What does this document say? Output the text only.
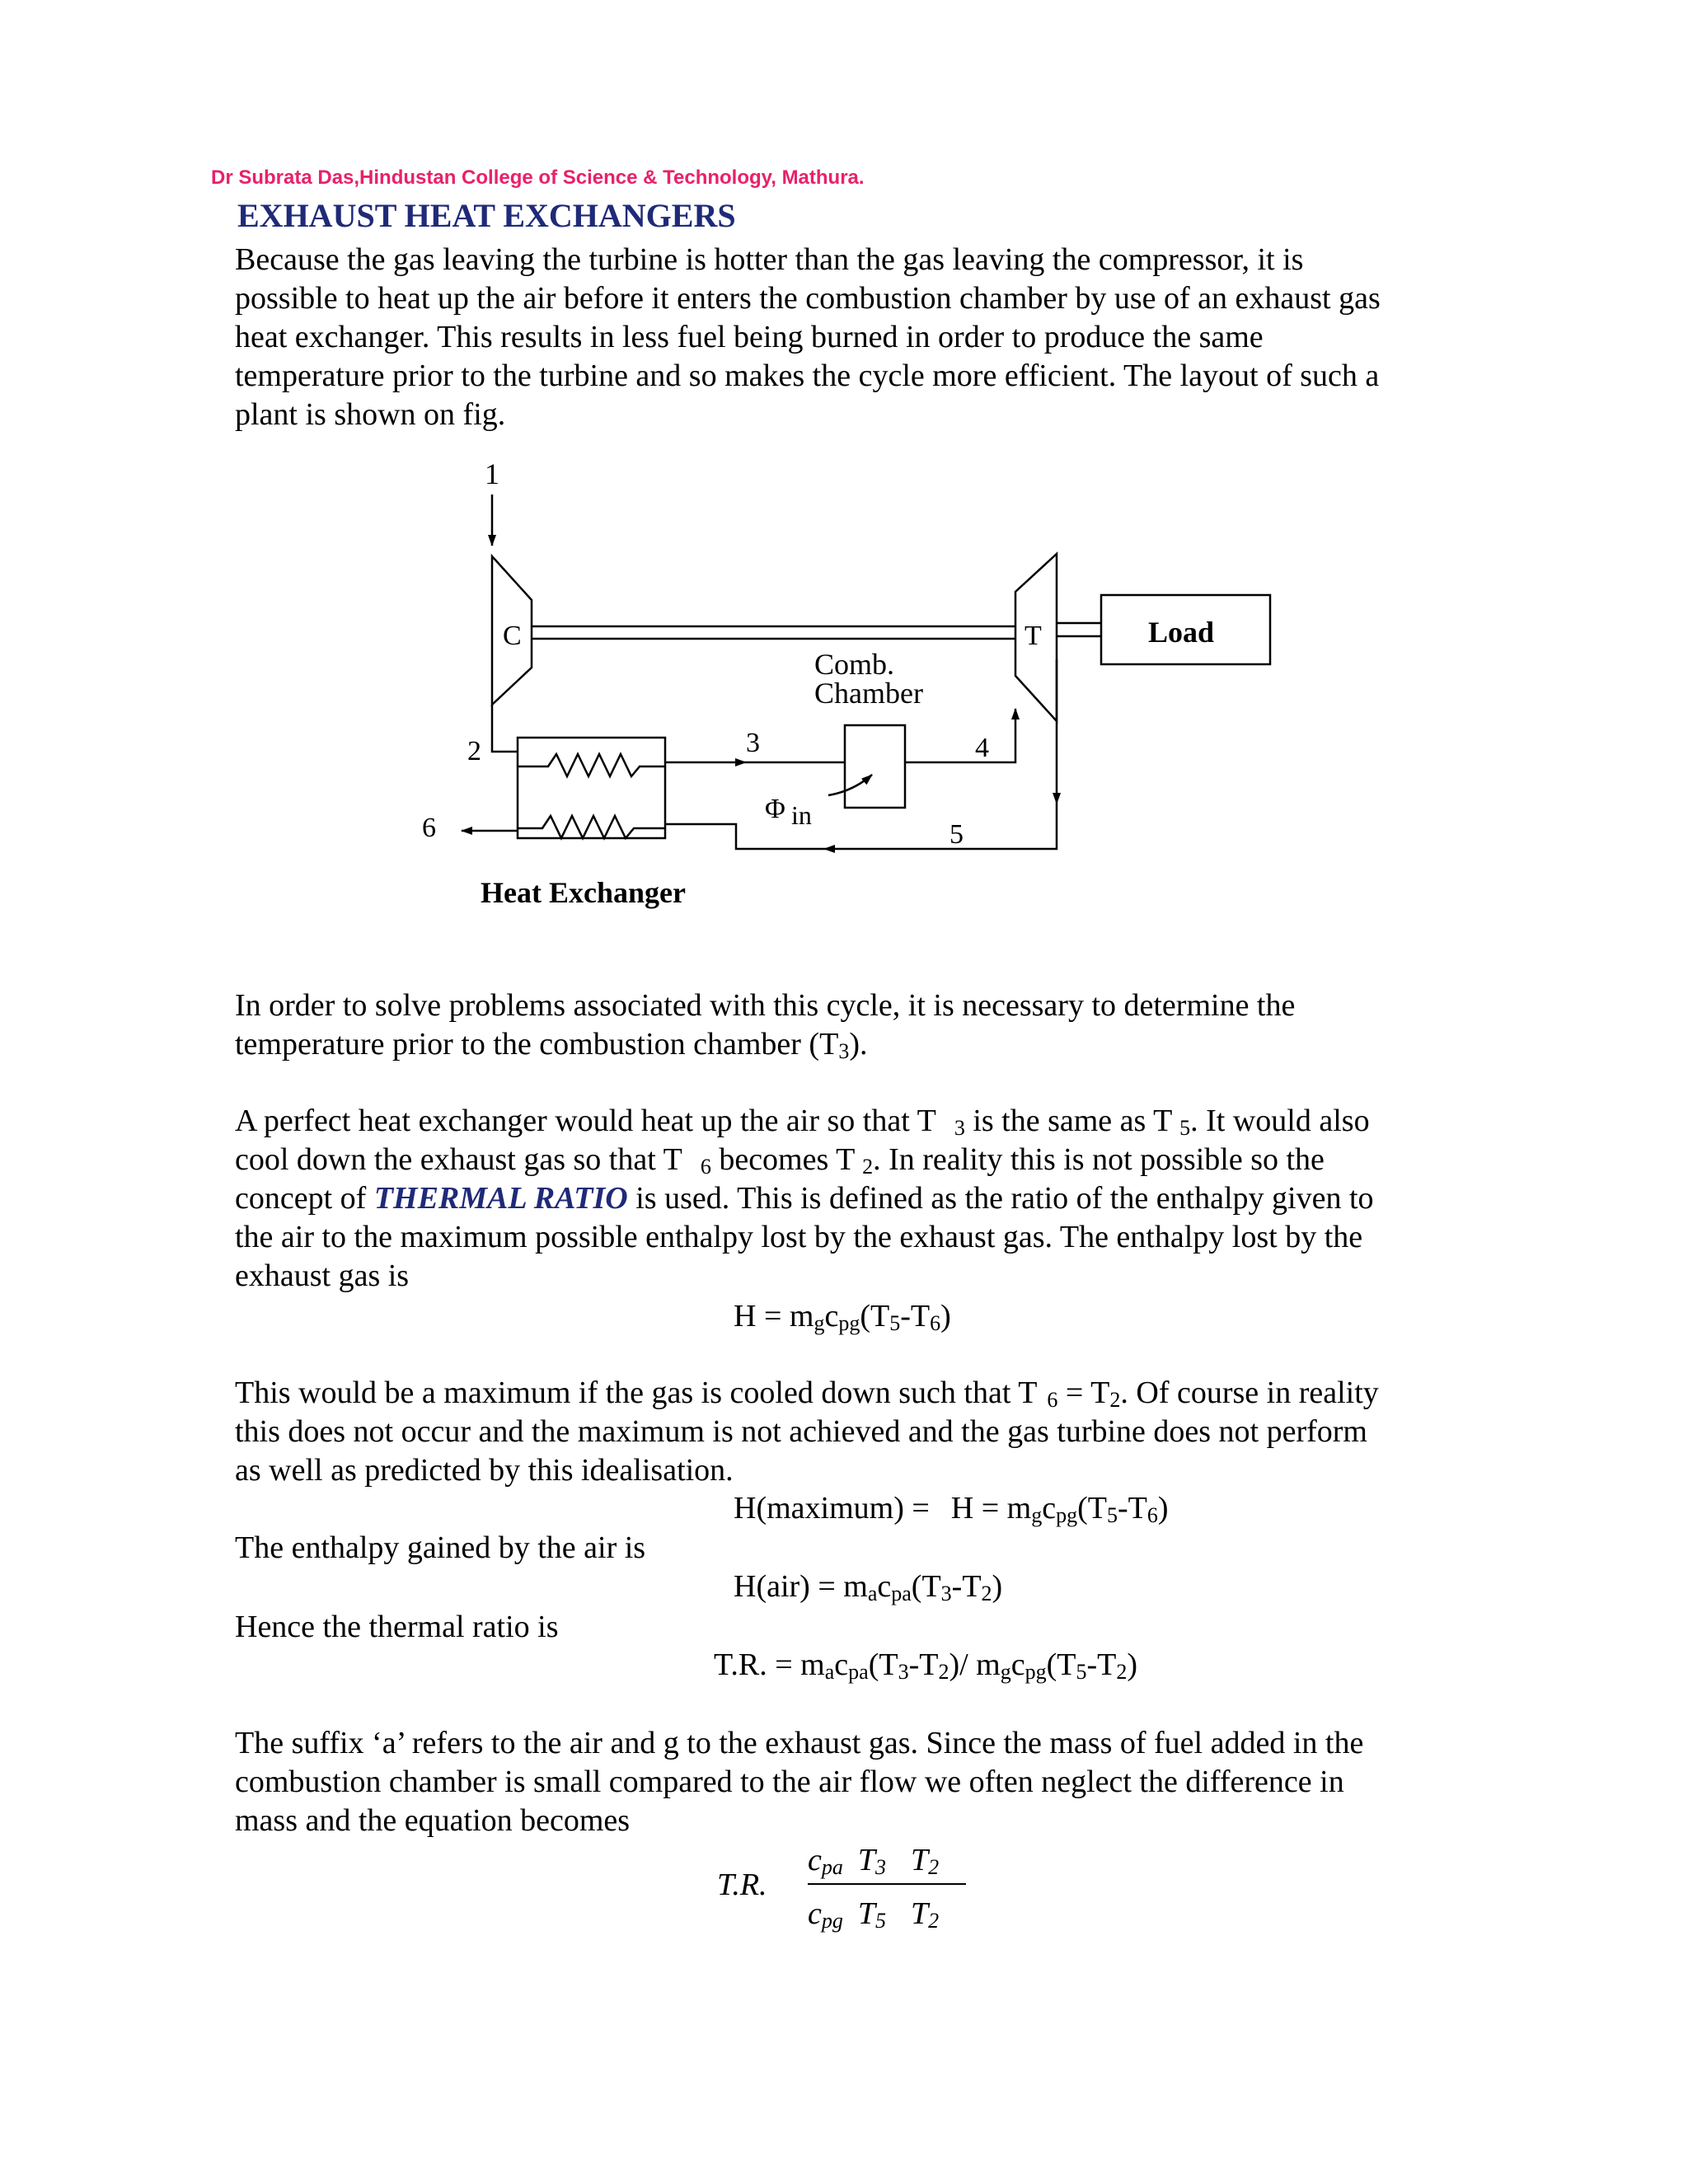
Dr Subrata Das,Hindustan College of Science & Technology, Mathura.
EXHAUST HEAT EXCHANGERS
Because the gas leaving the turbine is hotter than the gas leaving the compressor, it is
possible to heat up the air before it enters the combustion chamber by use of an exhaust gas
heat exchanger. This results in less fuel being burned in order to produce the same
temperature prior to the turbine and so makes the cycle more efficient. The layout of such a
plant is shown on fig.
1
C	T	Load
Comb.
Chamber
2	3	4
5
6
Φ in
Heat Exchanger
In order to solve problems associated with this cycle, it is necessary to determine the
temperature prior to the combustion chamber $(T_3)$.
A perfect heat exchanger would heat up the air so that T $_3$ is the same as T $_5$. It would also
cool down the exhaust gas so that T $_6$ becomes T $_2$. In reality this is not possible so the
concept of THERMAL RATIO is used. This is defined as the ratio of the enthalpy given to
the air to the maximum possible enthalpy lost by the exhaust gas. The enthalpy lost by the
exhaust gas is
$H = m_gc_{pg}(T_5-T_6)$
This would be a maximum if the gas is cooled down such that T $_6 = T_2$. Of course in reality
this does not occur and the maximum is not achieved and the gas turbine does not perform
as well as predicted by this idealisation.
H(maximum) = $H = m_gc_{pg}(T_5-T_6)$
The enthalpy gained by the air is
$H(air) = m_ac_{pa}(T_3-T_2)$
Hence the thermal ratio is
T.R. = $m_ac_{pa}(T_3-T_2)/$ $m_gc_{pg}(T_5-T_2)$
The suffix ‘a’ refers to the air and g to the exhaust gas. Since the mass of fuel added in the
combustion chamber is small compared to the air flow we often neglect the difference in
mass and the equation becomes
T.R.
$c_{pa}$ $T_3$ $T_2$
$c_{pg}$ $T_5$ $T_2$
